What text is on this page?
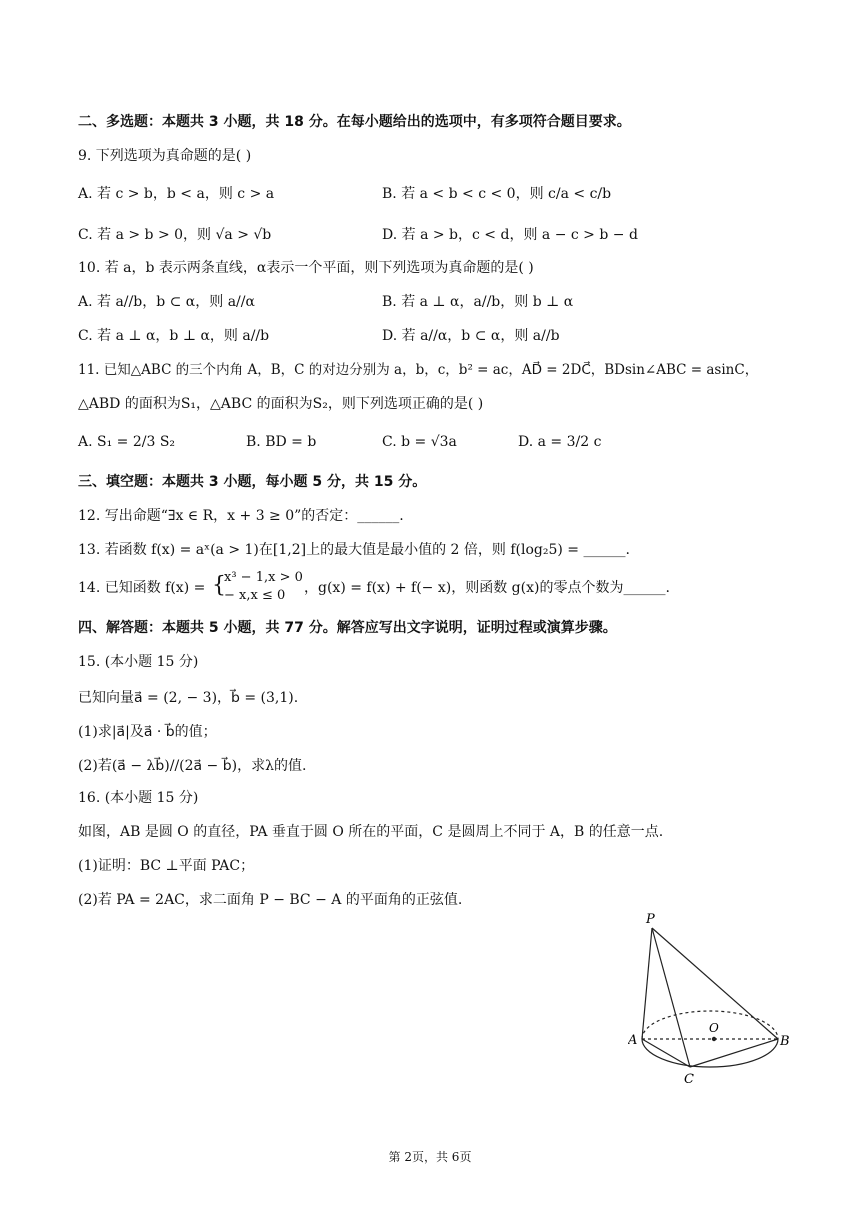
二、多选题：本题共 3 小题，共 18 分。在每小题给出的选项中，有多项符合题目要求。
9. 下列选项为真命题的是( )
A. 若 c > b，b < a，则 c > a	B. 若 a < b < c < 0，则 c/a < c/b
C. 若 a > b > 0，则 √a > √b	D. 若 a > b，c < d，则 a − c > b − d
10. 若 a，b 表示两条直线，α表示一个平面，则下列选项为真命题的是( )
A. 若 a//b，b ⊂ α，则 a//α	B. 若 a ⊥ α，a//b，则 b ⊥ α
C. 若 a ⊥ α，b ⊥ α，则 a//b	D. 若 a//α，b ⊂ α，则 a//b
11. 已知△ABC 的三个内角 A，B，C 的对边分别为 a，b，c，b² = ac，AD⃗ = 2DC⃗，BDsin∠ABC = asinC，
△ABD 的面积为S₁，△ABC 的面积为S₂，则下列选项正确的是( )
A. S₁ = 2/3 S₂	B. BD = b	C. b = √3a	D. a = 3/2 c
三、填空题：本题共 3 小题，每小题 5 分，共 15 分。
12. 写出命题“∃x ∈ R，x + 3 ≥ 0”的否定：______.
13. 若函数 f(x) = aˣ(a > 1)在[1,2]上的最大值是最小值的 2 倍，则 f(log₂5) = ______.
14. 已知函数 f(x) = {
x³ − 1,x > 0
− x,x ≤ 0 ，g(x) = f(x) + f(− x)，则函数 g(x)的零点个数为______.
四、解答题：本题共 5 小题，共 77 分。解答应写出文字说明，证明过程或演算步骤。
15. (本小题 15 分)
已知向量a⃗ = (2, − 3)，b⃗ = (3,1).
(1)求|a⃗|及a⃗ · b⃗的值；
(2)若(a⃗ − λb⃗)//(2a⃗ − b⃗)，求λ的值.
16. (本小题 15 分)
如图，AB 是圆 O 的直径，PA 垂直于圆 O 所在的平面，C 是圆周上不同于 A，B 的任意一点.
(1)证明：BC ⊥平面 PAC；
(2)若 PA = 2AC，求二面角 P − BC − A 的平面角的正弦值.
P
A	B
C
O
第 2页，共 6页
